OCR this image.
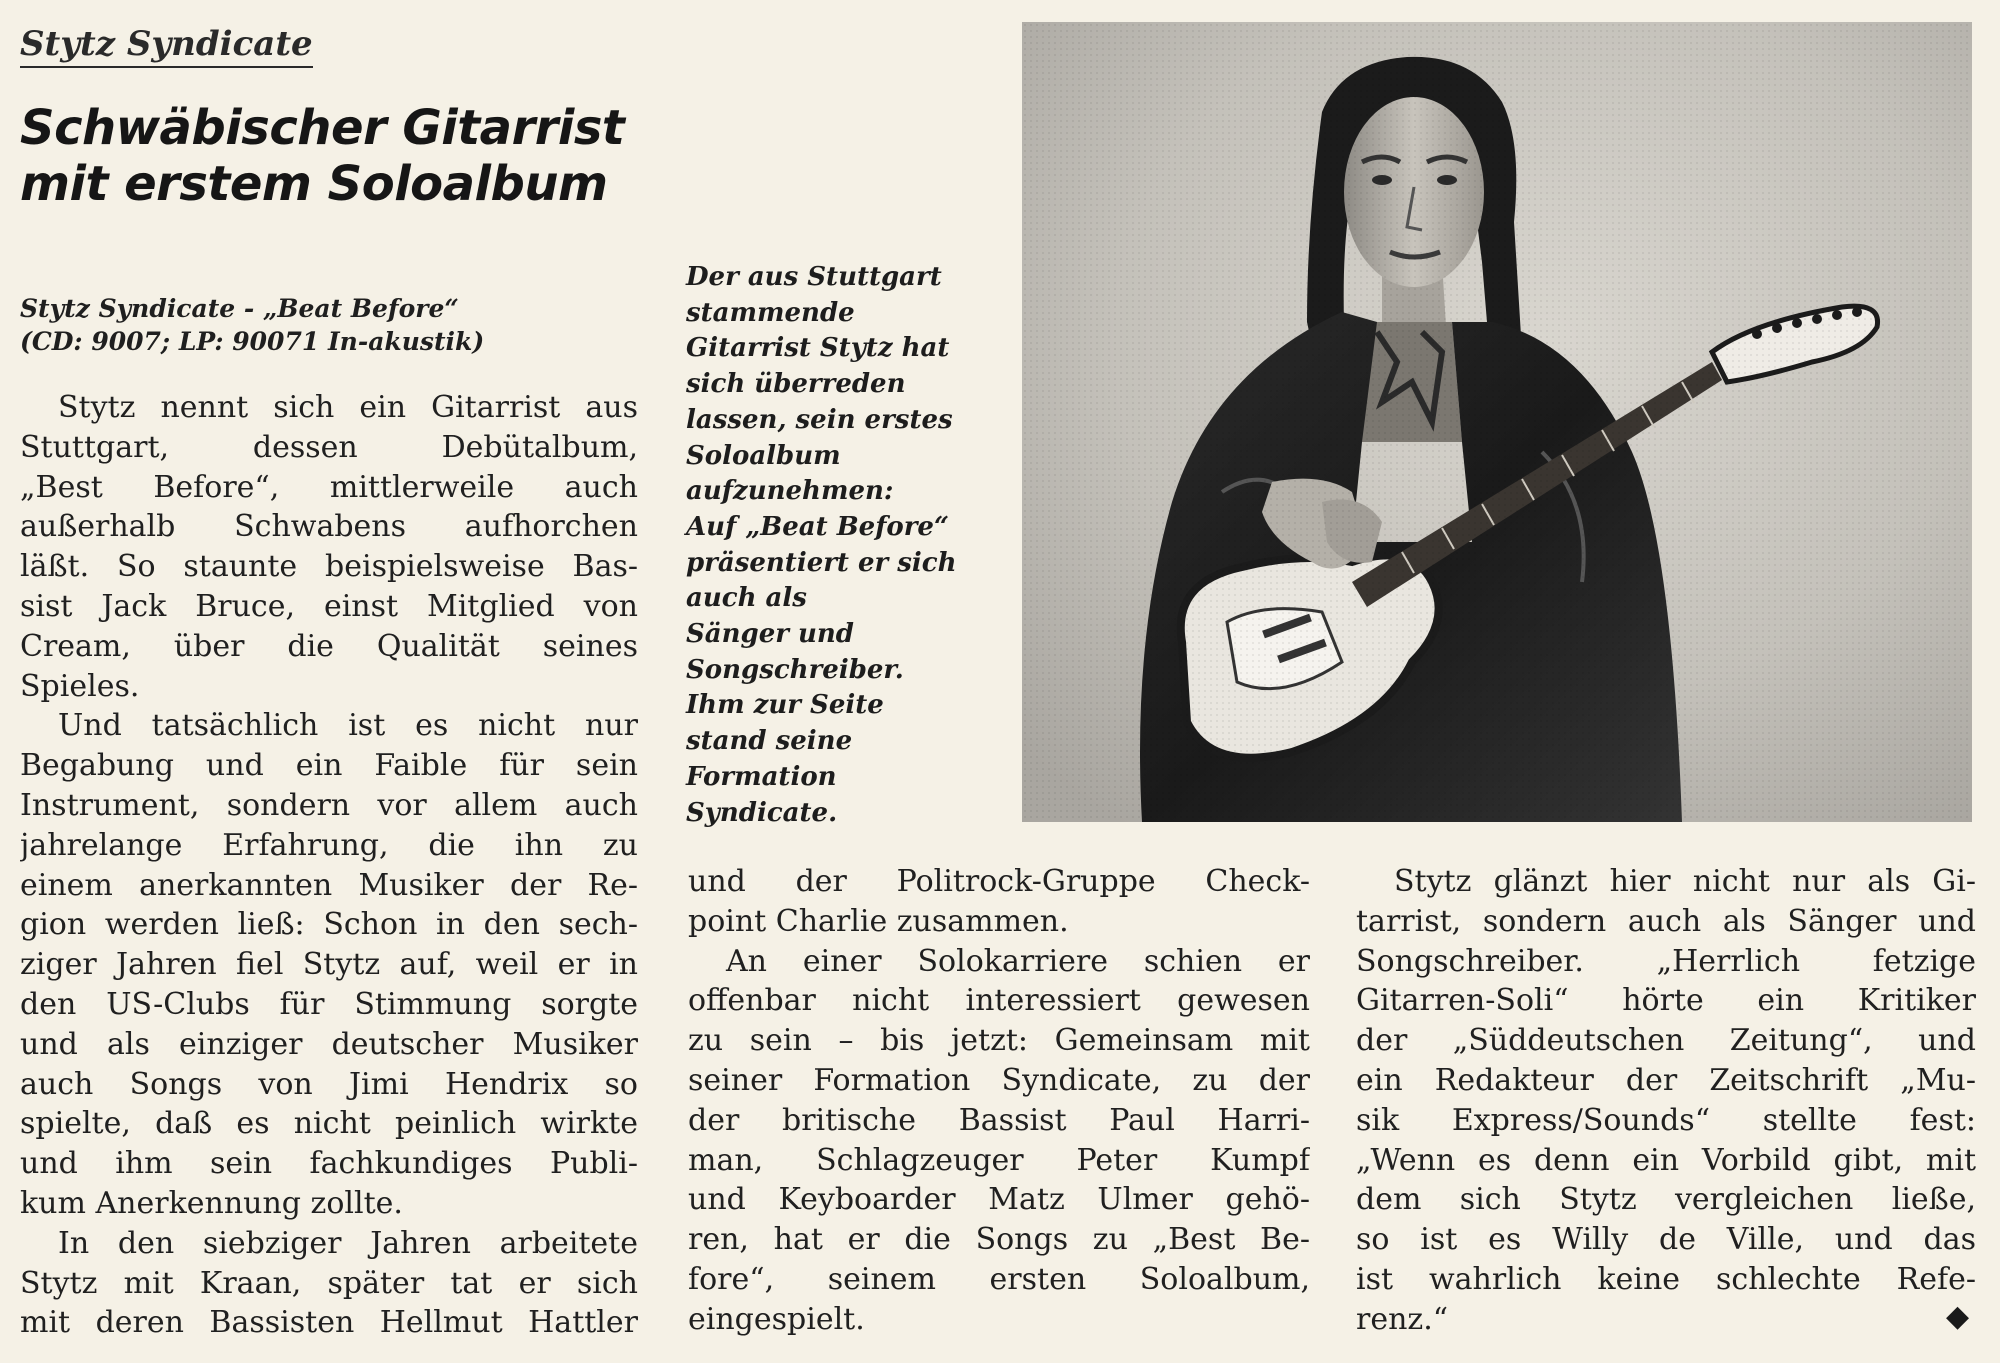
Stytz Syndicate
Schwäbischer Gitarrist mit erstem Soloalbum
Stytz Syndicate - „Beat Before“
(CD: 9007; LP: 90071 In-akustik)
Stytz nennt sich ein Gitarrist aus
Stuttgart, dessen Debütalbum,
„Best Before“, mittlerweile auch
außerhalb Schwabens aufhorchen
läßt. So staunte beispielsweise Bas-
sist Jack Bruce, einst Mitglied von
Cream, über die Qualität seines
Spieles.
Und tatsächlich ist es nicht nur
Begabung und ein Faible für sein
Instrument, sondern vor allem auch
jahrelange Erfahrung, die ihn zu
einem anerkannten Musiker der Re-
gion werden ließ: Schon in den sech-
ziger Jahren fiel Stytz auf, weil er in
den US-Clubs für Stimmung sorgte
und als einziger deutscher Musiker
auch Songs von Jimi Hendrix so
spielte, daß es nicht peinlich wirkte
und ihm sein fachkundiges Publi-
kum Anerkennung zollte.
In den siebziger Jahren arbeitete
Stytz mit Kraan, später tat er sich
mit deren Bassisten Hellmut Hattler
Der aus Stuttgart
stammende
Gitarrist Stytz hat
sich überreden
lassen, sein erstes
Soloalbum
aufzunehmen:
Auf „Beat Before“
präsentiert er sich
auch als
Sänger und
Songschreiber.
Ihm zur Seite
stand seine
Formation
Syndicate.
und der Politrock-Gruppe Check-
point Charlie zusammen.
An einer Solokarriere schien er
offenbar nicht interessiert gewesen
zu sein – bis jetzt: Gemeinsam mit
seiner Formation Syndicate, zu der
der britische Bassist Paul Harri-
man, Schlagzeuger Peter Kumpf
und Keyboarder Matz Ulmer gehö-
ren, hat er die Songs zu „Best Be-
fore“, seinem ersten Soloalbum,
eingespielt.
Stytz glänzt hier nicht nur als Gi-
tarrist, sondern auch als Sänger und
Songschreiber. „Herrlich fetzige
Gitarren-Soli“ hörte ein Kritiker
der „Süddeutschen Zeitung“, und
ein Redakteur der Zeitschrift „Mu-
sik Express/Sounds“ stellte fest:
„Wenn es denn ein Vorbild gibt, mit
dem sich Stytz vergleichen ließe,
so ist es Willy de Ville, und das
ist wahrlich keine schlechte Refe-
renz.“	◆
